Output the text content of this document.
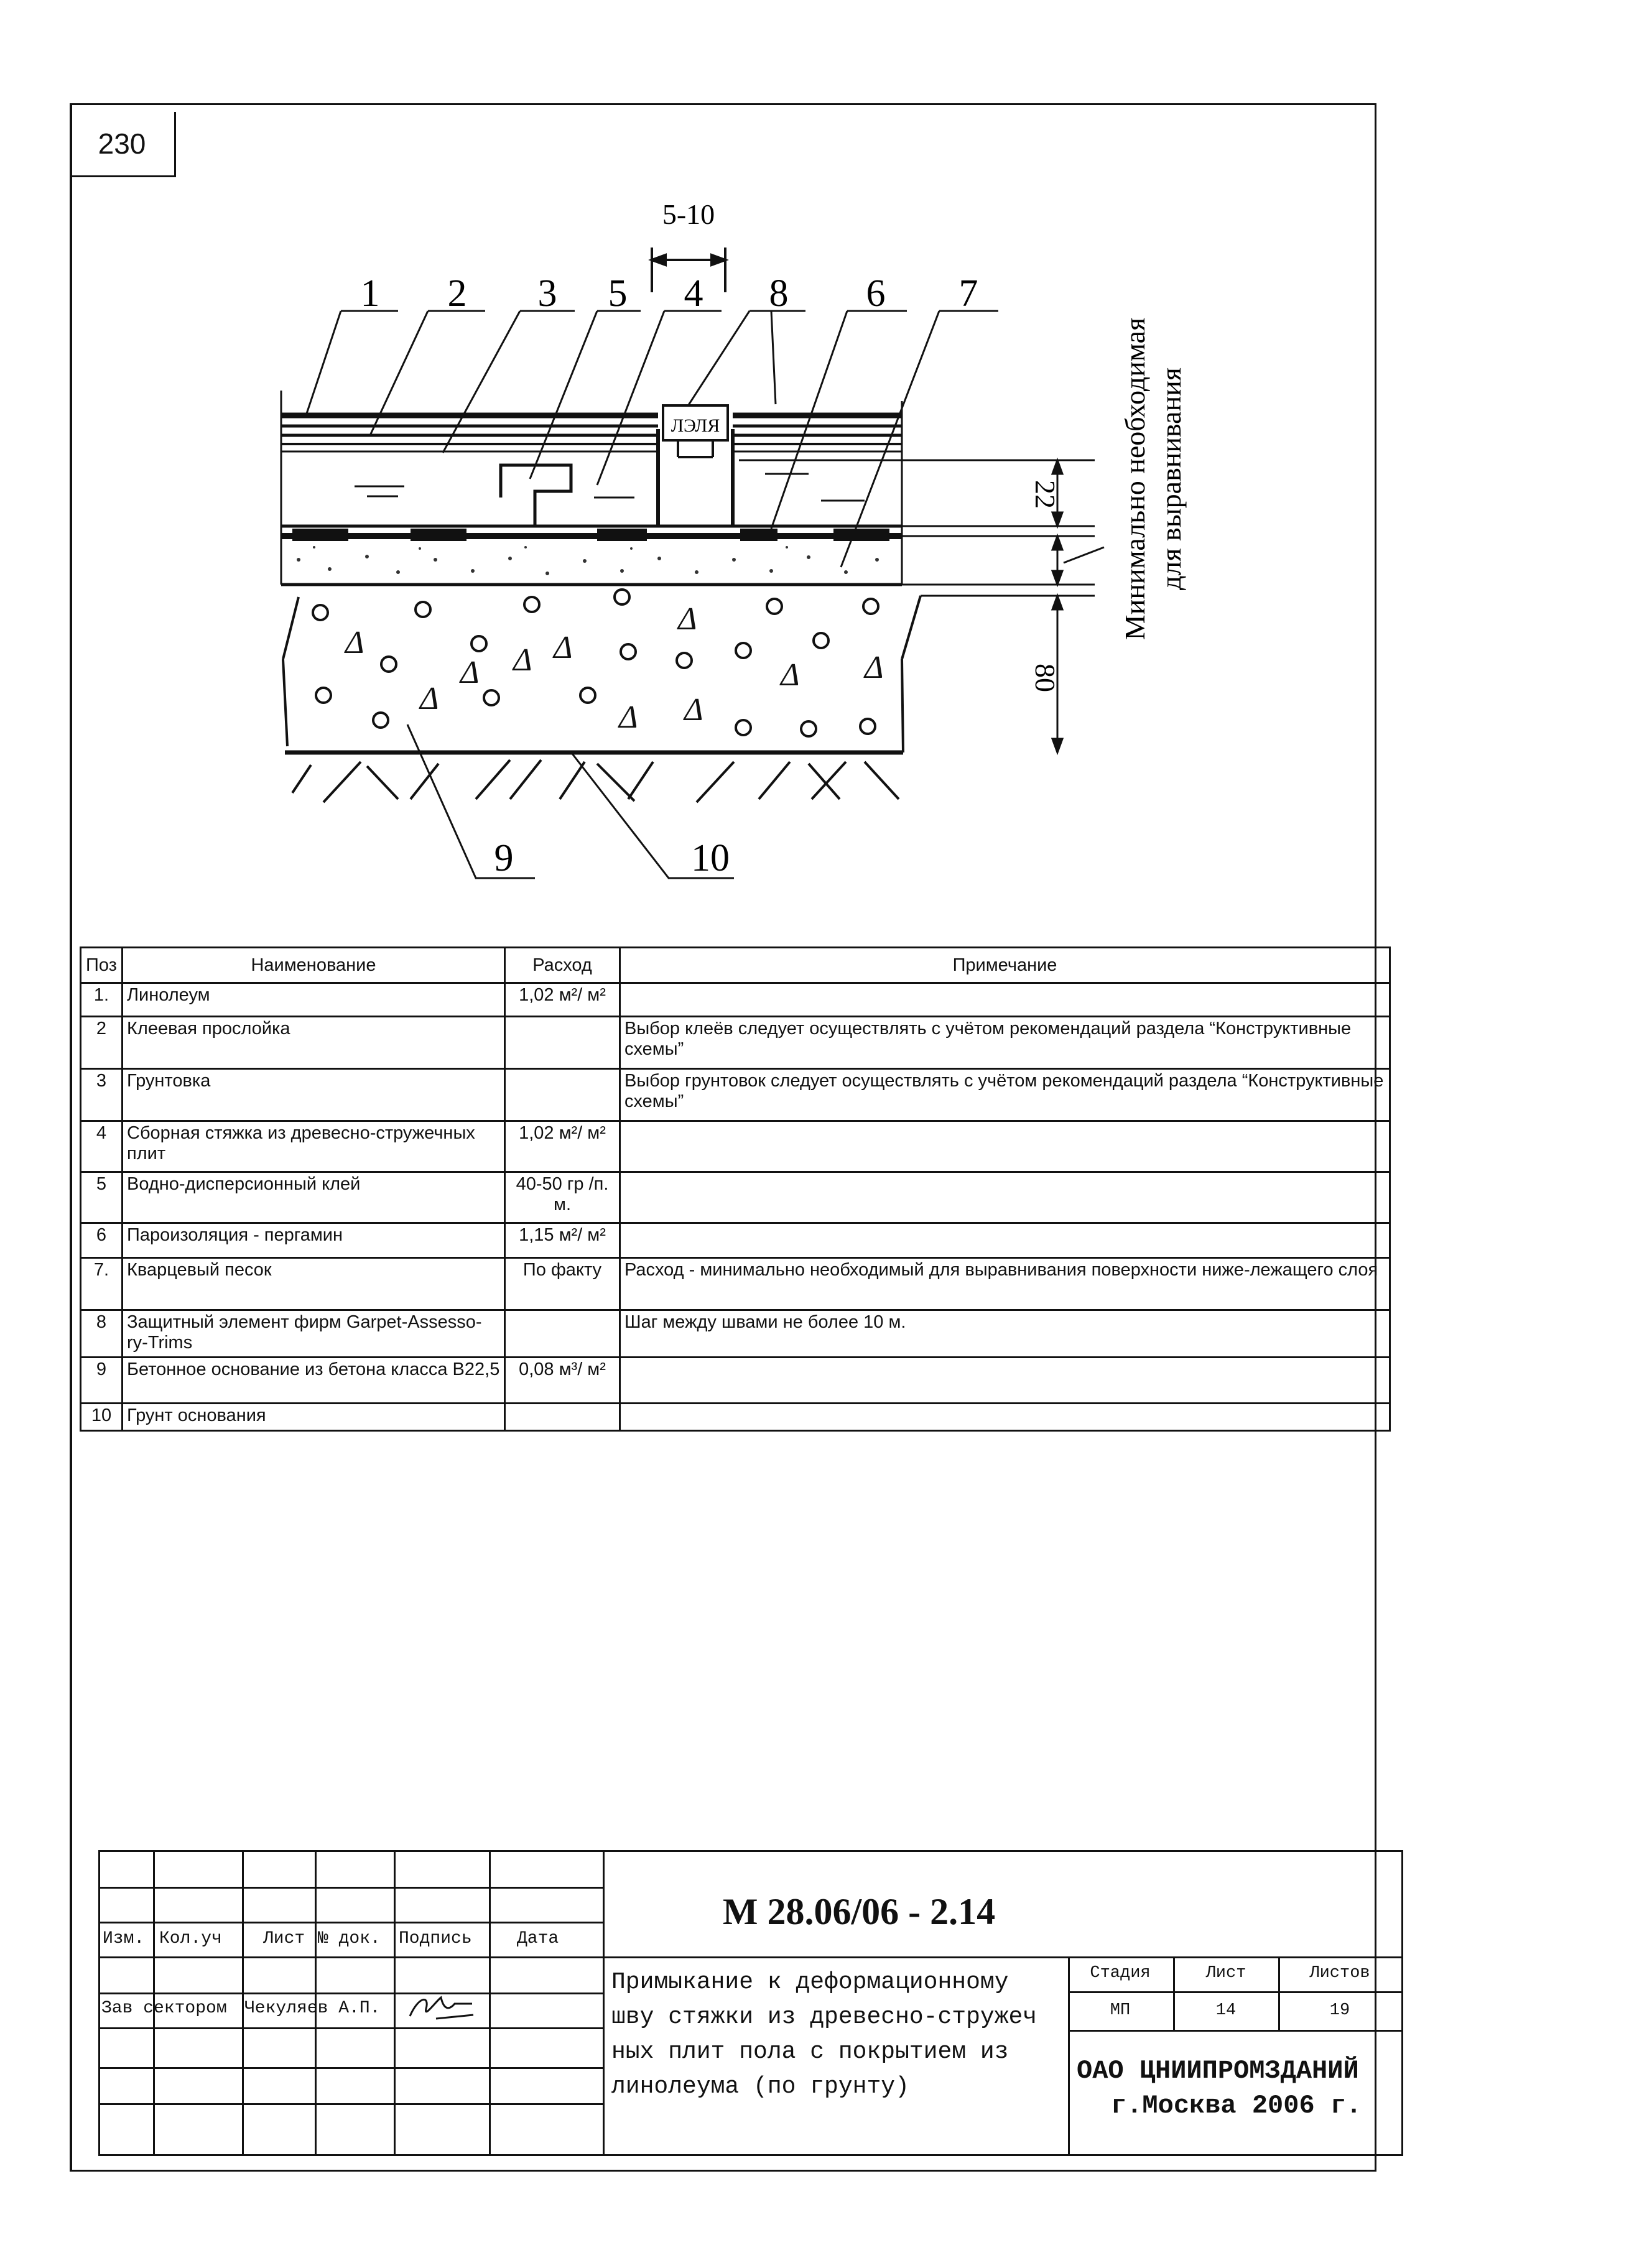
230
5-10
1 2 3 5 4 8 6 7
ЛЭЛЯ
Δ
Δ Δ Δ
Δ
Δ Δ
Δ
Δ Δ
9	10
22
80
Минимально необходимая для выравнивания
Поз	Наименование	Расход	Примечание
1.	Линолеум	1,02 м²/ м²	
2	Клеевая прослойка		Выбор клеёв следует осуществлять с учётом рекомендаций раздела “Конструктивные схемы”
3	Грунтовка		Выбор грунтовок следует осуществлять с учётом рекомендаций раздела “Конструктивные схемы”
4	Сборная стяжка из древесно-стружечных плит	1,02 м²/ м²	
5	Водно-дисперсионный клей	40-50 гр /п. м.	
6	Пароизоляция - пергамин	1,15 м²/ м²	
7.	Кварцевый песок	По факту	Расход - минимально необходимый для выравнивания поверхности ниже-лежащего слоя
8	Защитный элемент фирм Garpet-Assesso-ry-Trims		Шаг между швами не более 10 м.
9	Бетонное основание из бетона класса В22,5	0,08 м³/ м²	
10	Грунт основания		
М 28.06/06 - 2.14
Изм. Кол.уч Лист № док. Подпись	Дата
Зав сектором Чекуляев А.П.
Примыкание к деформационному
шву стяжки из древесно-стружеч
ных плит пола с покрытием из
линолеума (по грунту)
Стадия	Лист	Листов
МП	14	19
ОАО ЦНИИПРОМЗДАНИЙ
г.Москва 2006 г.
